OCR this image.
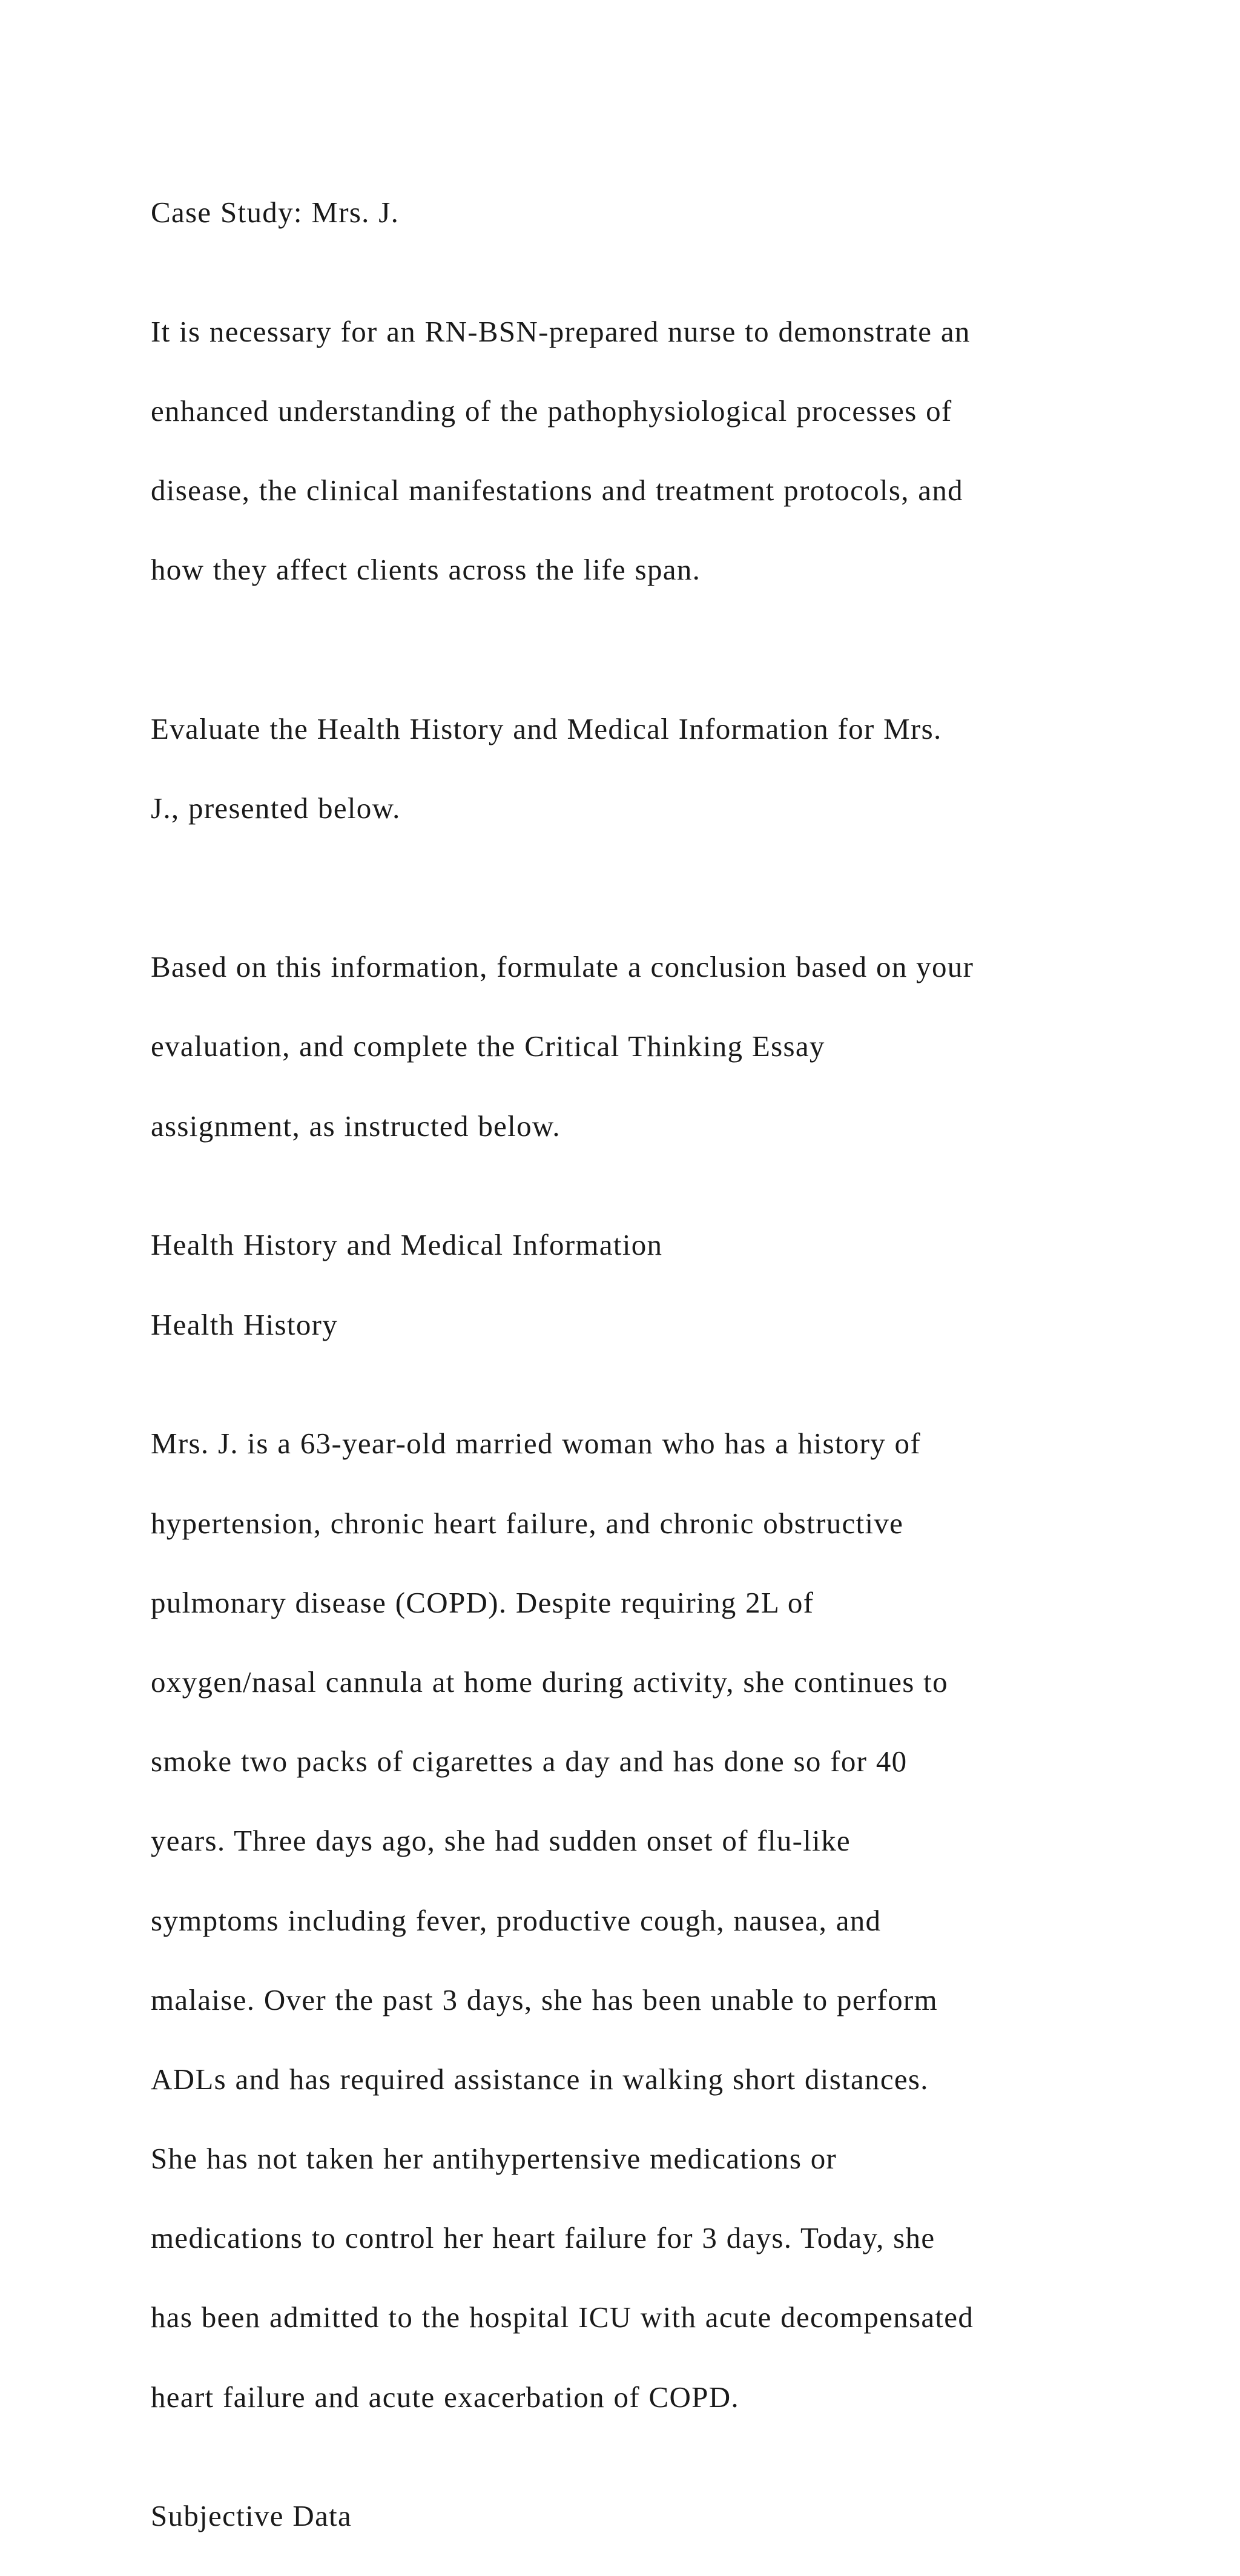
Case Study: Mrs. J.

It is necessary for an RN-BSN-prepared nurse to demonstrate an

enhanced understanding of the pathophysiological processes of

disease, the clinical manifestations and treatment protocols, and

how they affect clients across the life span.

Evaluate the Health History and Medical Information for Mrs.

J., presented below.

Based on this information, formulate a conclusion based on your

evaluation, and complete the Critical Thinking Essay

assignment, as instructed below.

Health History and Medical Information

Health History

Mrs. J. is a 63-year-old married woman who has a history of

hypertension, chronic heart failure, and chronic obstructive

pulmonary disease (COPD). Despite requiring 2L of

oxygen/nasal cannula at home during activity, she continues to

smoke two packs of cigarettes a day and has done so for 40

years. Three days ago, she had sudden onset of flu-like

symptoms including fever, productive cough, nausea, and

malaise. Over the past 3 days, she has been unable to perform

ADLs and has required assistance in walking short distances.

She has not taken her antihypertensive medications or

medications to control her heart failure for 3 days. Today, she

has been admitted to the hospital ICU with acute decompensated

heart failure and acute exacerbation of COPD.

Subjective Data
